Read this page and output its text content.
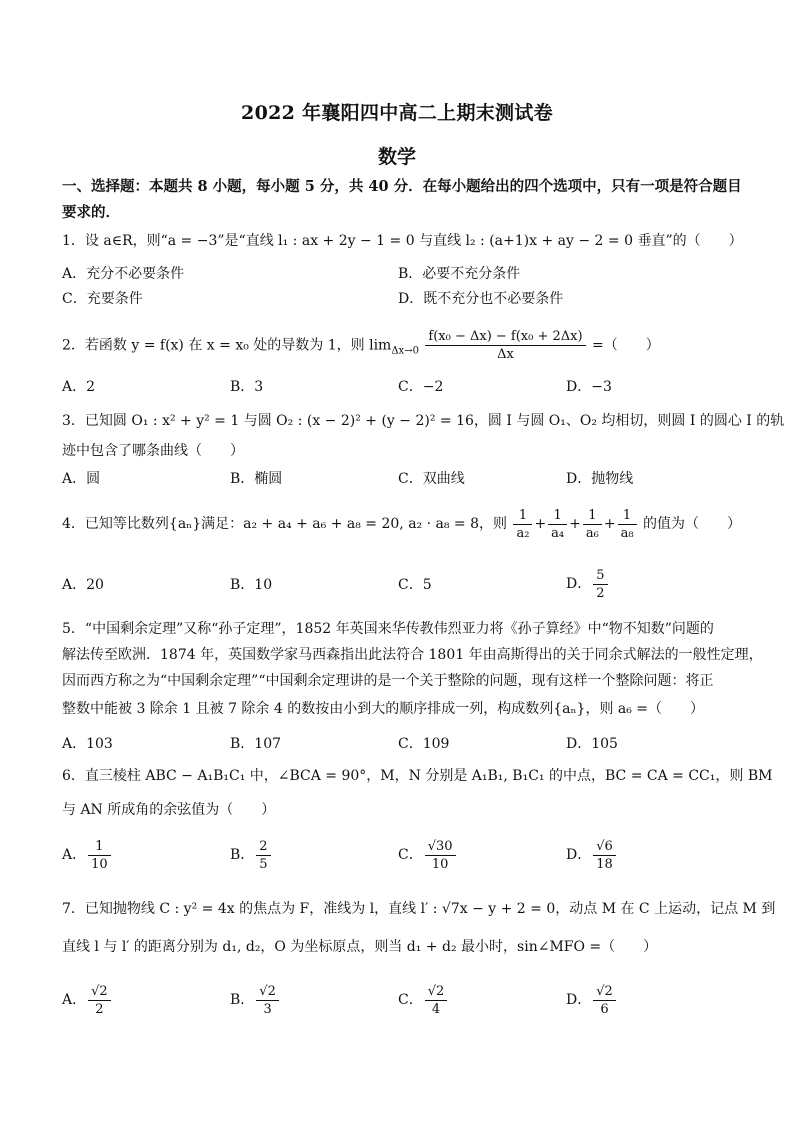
2022 年襄阳四中高二上期末测试卷
数学
一、选择题：本题共 8 小题，每小题 5 分，共 40 分．在每小题给出的四个选项中，只有一项是符合题目要求的．
1．设 a∈R，则“a = −3”是“直线 l₁ : ax + 2y − 1 = 0 与直线 l₂ : (a+1)x + ay − 2 = 0 垂直”的（　　）
A．充分不必要条件	B．必要不充分条件
C．充要条件	D．既不充分也不必要条件
2．若函数 y = f(x) 在 x = x₀ 处的导数为 1，则 $\lim_{\Delta x\to 0} \frac{\text{f(x₀ − Δx) − f(x₀ + 2Δx)}}{\Delta x}$ =（　　）
A．2	B．3	C．−2	D．−3
3．已知圆 O₁ : x² + y² = 1 与圆 O₂ : (x − 2)² + (y − 2)² = 16，圆 I 与圆 O₁、O₂ 均相切，则圆 I 的圆心 I 的轨
迹中包含了哪条曲线（　　）
A．圆	B．椭圆	C．双曲线	D．抛物线
4．已知等比数列{aₙ}满足：a₂ + a₄ + a₆ + a₈ = 20, a₂ · a₈ = 8，则 $\frac{1}{\text{a₂}} + \frac{1}{\text{a₄}} + \frac{1}{\text{a₆}} + \frac{1}{\text{a₈}}$ 的值为（　　）
A．20	B．10	C．5	D． $\frac{5}{2}$
5．“中国剩余定理”又称“孙子定理”，1852 年英国来华传教伟烈亚力将《孙子算经》中“物不知数”问题的
解法传至欧洲．1874 年，英国数学家马西森指出此法符合 1801 年由高斯得出的关于同余式解法的一般性定理，
因而西方称之为“中国剩余定理”“中国剩余定理讲的是一个关于整除的问题，现有这样一个整除问题：将正
整数中能被 3 除余 1 且被 7 除余 4 的数按由小到大的顺序排成一列，构成数列{aₙ}，则 a₆ =（　　）
A．103	B．107	C．109	D．105
6．直三棱柱 ABC − A₁B₁C₁ 中，∠BCA = 90°，M，N 分别是 A₁B₁, B₁C₁ 的中点，BC = CA = CC₁，则 BM
与 AN 所成角的余弦值为（　　）
A． $\frac{1}{10}$	B． $\frac{2}{5}$	C． $\frac{√30}{10}$	D． $\frac{√6}{18}$
7．已知抛物线 C : y² = 4x 的焦点为 F，准线为 l，直线 l′ : √7x − y + 2 = 0，动点 M 在 C 上运动，记点 M 到
直线 l 与 l′ 的距离分别为 d₁, d₂，O 为坐标原点，则当 d₁ + d₂ 最小时，sin∠MFO =（　　）
A． $\frac{√2}{2}$	B． $\frac{√2}{3}$	C． $\frac{√2}{4}$	D． $\frac{√2}{6}$
